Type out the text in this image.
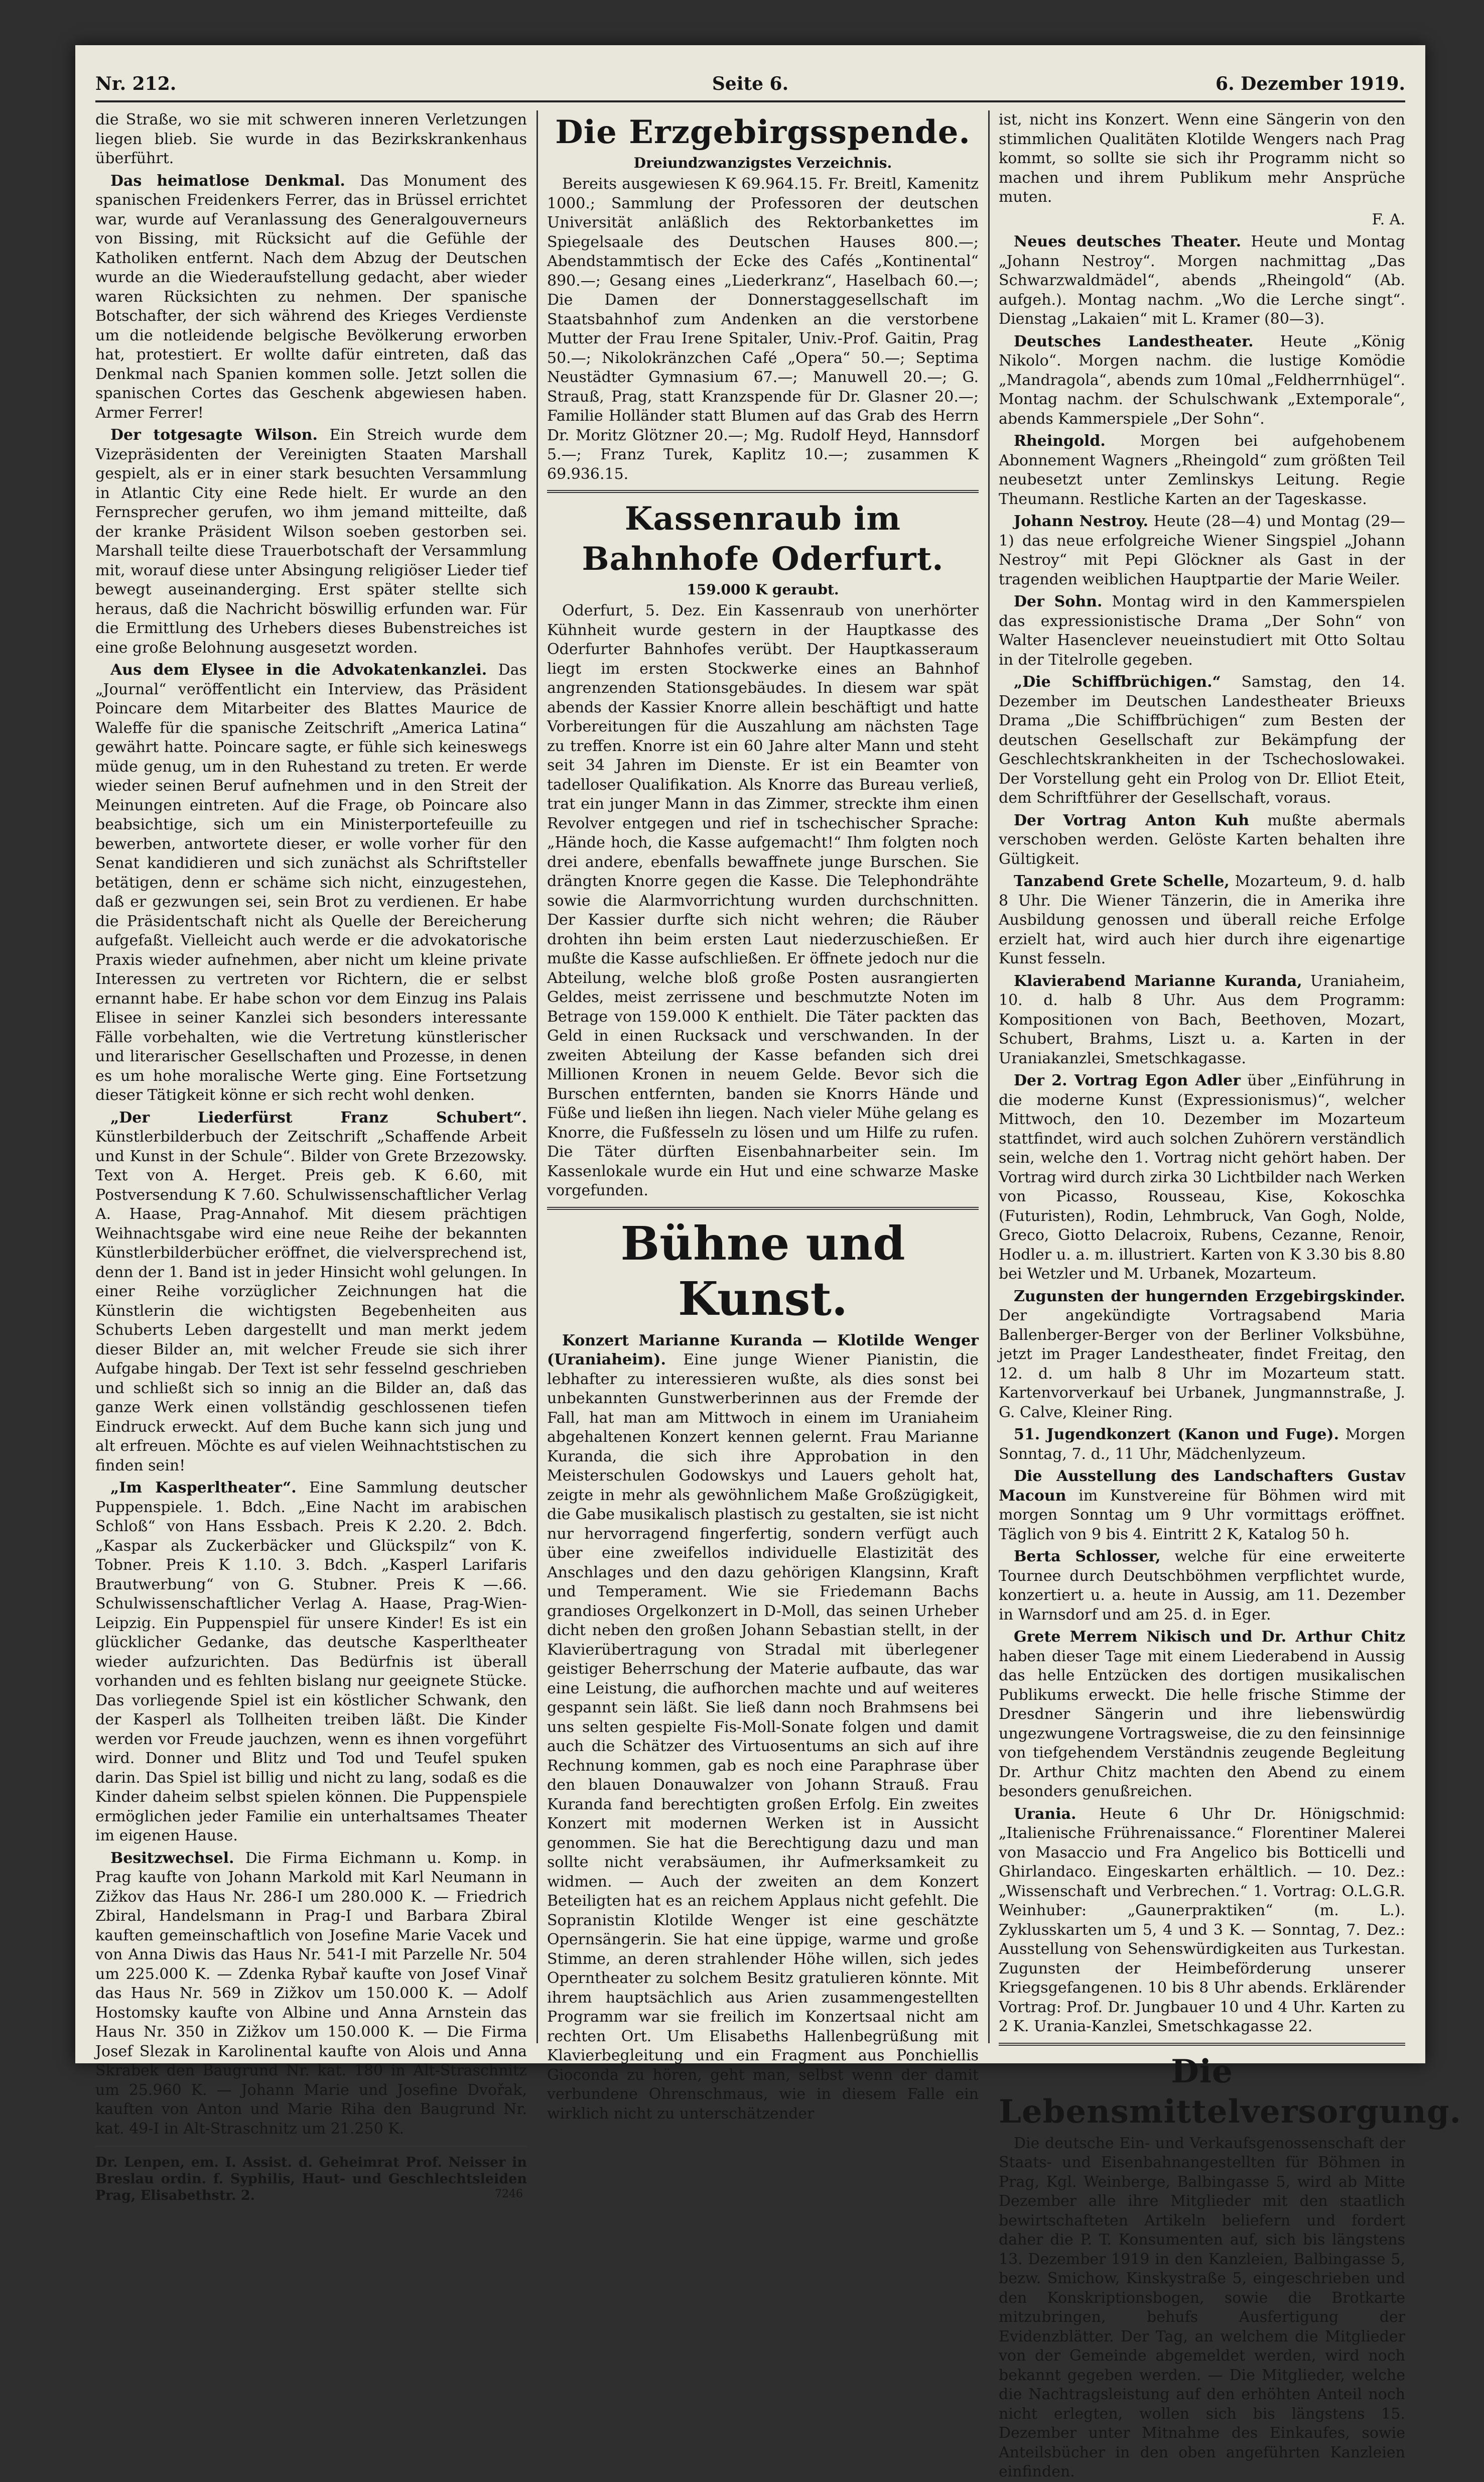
Nr. 212.	Seite 6.	6. Dezember 1919.

die Straße, wo sie mit schweren inneren Verletzungen liegen blieb. Sie wurde in das Bezirkskrankenhaus überführt.

Das heimatlose Denkmal. Das Monument des spanischen Freidenkers Ferrer, das in Brüssel errichtet war, wurde auf Veranlassung des Generalgouverneurs von Bissing, mit Rücksicht auf die Gefühle der Katholiken entfernt. Nach dem Abzug der Deutschen wurde an die Wiederaufstellung gedacht, aber wieder waren Rücksichten zu nehmen. Der spanische Botschafter, der sich während des Krieges Verdienste um die notleidende belgische Bevölkerung erworben hat, protestiert. Er wollte dafür eintreten, daß das Denkmal nach Spanien kommen solle. Jetzt sollen die spanischen Cortes das Geschenk abgewiesen haben. Armer Ferrer!

Der totgesagte Wilson. Ein Streich wurde dem Vizepräsidenten der Vereinigten Staaten Marshall gespielt, als er in einer stark besuchten Versammlung in Atlantic City eine Rede hielt. Er wurde an den Fernsprecher gerufen, wo ihm jemand mitteilte, daß der kranke Präsident Wilson soeben gestorben sei. Marshall teilte diese Trauerbotschaft der Versammlung mit, worauf diese unter Absingung religiöser Lieder tief bewegt auseinanderging. Erst später stellte sich heraus, daß die Nachricht böswillig erfunden war. Für die Ermittlung des Urhebers dieses Bubenstreiches ist eine große Belohnung ausgesetzt worden.

Aus dem Elysee in die Advokatenkanzlei. Das „Journal“ veröffentlicht ein Interview, das Präsident Poincare dem Mitarbeiter des Blattes Maurice de Waleffe für die spanische Zeitschrift „America Latina“ gewährt hatte. Poincare sagte, er fühle sich keineswegs müde genug, um in den Ruhestand zu treten. Er werde wieder seinen Beruf aufnehmen und in den Streit der Meinungen eintreten. Auf die Frage, ob Poincare also beabsichtige, sich um ein Ministerportefeuille zu bewerben, antwortete dieser, er wolle vorher für den Senat kandidieren und sich zunächst als Schriftsteller betätigen, denn er schäme sich nicht, einzugestehen, daß er gezwungen sei, sein Brot zu verdienen. Er habe die Präsidentschaft nicht als Quelle der Bereicherung aufgefaßt. Vielleicht auch werde er die advokatorische Praxis wieder aufnehmen, aber nicht um kleine private Interessen zu vertreten vor Richtern, die er selbst ernannt habe. Er habe schon vor dem Einzug ins Palais Elisee in seiner Kanzlei sich besonders interessante Fälle vorbehalten, wie die Vertretung künstlerischer und literarischer Gesellschaften und Prozesse, in denen es um hohe moralische Werte ging. Eine Fortsetzung dieser Tätigkeit könne er sich recht wohl denken.

„Der Liederfürst Franz Schubert“. Künstlerbilderbuch der Zeitschrift „Schaffende Arbeit und Kunst in der Schule“. Bilder von Grete Brzezowsky. Text von A. Herget. Preis geb. K 6.60, mit Postversendung K 7.60. Schulwissenschaftlicher Verlag A. Haase, Prag-Annahof. Mit diesem prächtigen Weihnachtsgabe wird eine neue Reihe der bekannten Künstlerbilderbücher eröffnet, die vielversprechend ist, denn der 1. Band ist in jeder Hinsicht wohl gelungen. In einer Reihe vorzüglicher Zeichnungen hat die Künstlerin die wichtigsten Begebenheiten aus Schuberts Leben dargestellt und man merkt jedem dieser Bilder an, mit welcher Freude sie sich ihrer Aufgabe hingab. Der Text ist sehr fesselnd geschrieben und schließt sich so innig an die Bilder an, daß das ganze Werk einen vollständig geschlossenen tiefen Eindruck erweckt. Auf dem Buche kann sich jung und alt erfreuen. Möchte es auf vielen Weihnachtstischen zu finden sein!

„Im Kasperltheater“. Eine Sammlung deutscher Puppenspiele. 1. Bdch. „Eine Nacht im arabischen Schloß“ von Hans Essbach. Preis K 2.20. 2. Bdch. „Kaspar als Zuckerbäcker und Glückspilz“ von K. Tobner. Preis K 1.10. 3. Bdch. „Kasperl Larifaris Brautwerbung“ von G. Stubner. Preis K —.66. Schulwissenschaftlicher Verlag A. Haase, Prag-Wien-Leipzig. Ein Puppenspiel für unsere Kinder! Es ist ein glücklicher Gedanke, das deutsche Kasperltheater wieder aufzurichten. Das Bedürfnis ist überall vorhanden und es fehlten bislang nur geeignete Stücke. Das vorliegende Spiel ist ein köstlicher Schwank, den der Kasperl als Tollheiten treiben läßt. Die Kinder werden vor Freude jauchzen, wenn es ihnen vorgeführt wird. Donner und Blitz und Tod und Teufel spuken darin. Das Spiel ist billig und nicht zu lang, sodaß es die Kinder daheim selbst spielen können. Die Puppenspiele ermöglichen jeder Familie ein unterhaltsames Theater im eigenen Hause.

Besitzwechsel. Die Firma Eichmann u. Komp. in Prag kaufte von Johann Markold mit Karl Neumann in Zižkov das Haus Nr. 286-I um 280.000 K. — Friedrich Zbiral, Handelsmann in Prag-I und Barbara Zbiral kauften gemeinschaftlich von Josefine Marie Vacek und von Anna Diwis das Haus Nr. 541-I mit Parzelle Nr. 504 um 225.000 K. — Zdenka Rybař kaufte von Josef Vinař das Haus Nr. 569 in Zižkov um 150.000 K. — Adolf Hostomsky kaufte von Albine und Anna Arnstein das Haus Nr. 350 in Zižkov um 150.000 K. — Die Firma Josef Slezak in Karolinental kaufte von Alois und Anna Skrabek den Baugrund Nr. kat. 180 in Alt-Straschnitz um 25.960 K. — Johann Marie und Josefine Dvořak, kauften von Anton und Marie Riha den Baugrund Nr. kat. 49-I in Alt-Straschnitz um 21.250 K.

Dr. Lenpen, em. I. Assist. d. Geheimrat Prof. Neisser in Breslau ordin. f. Syphilis, Haut- und Geschlechtsleiden Prag, Elisabethstr. 2.	7246
Die Erzgebirgsspende.
Dreiundzwanzigstes Verzeichnis.

Bereits ausgewiesen K 69.964.15. Fr. Breitl, Kamenitz 1000.; Sammlung der Professoren der deutschen Universität anläßlich des Rektorbankettes im Spiegelsaale des Deutschen Hauses 800.—; Abendstammtisch der Ecke des Cafés „Kontinental“ 890.—; Gesang eines „Liederkranz“, Haselbach 60.—; Die Damen der Donnerstaggesellschaft im Staatsbahnhof zum Andenken an die verstorbene Mutter der Frau Irene Spitaler, Univ.-Prof. Gaitin, Prag 50.—; Nikolokränzchen Café „Opera“ 50.—; Septima Neustädter Gymnasium 67.—; Manuwell 20.—; G. Strauß, Prag, statt Kranzspende für Dr. Glasner 20.—; Familie Holländer statt Blumen auf das Grab des Herrn Dr. Moritz Glötzner 20.—; Mg. Rudolf Heyd, Hannsdorf 5.—; Franz Turek, Kaplitz 10.—; zusammen K 69.936.15.

Kassenraub im Bahnhofe Oderfurt.
159.000 K geraubt.

Oderfurt, 5. Dez. Ein Kassenraub von unerhörter Kühnheit wurde gestern in der Hauptkasse des Oderfurter Bahnhofes verübt. Der Hauptkasseraum liegt im ersten Stockwerke eines an Bahnhof angrenzenden Stationsgebäudes. In diesem war spät abends der Kassier Knorre allein beschäftigt und hatte Vorbereitungen für die Auszahlung am nächsten Tage zu treffen. Knorre ist ein 60 Jahre alter Mann und steht seit 34 Jahren im Dienste. Er ist ein Beamter von tadelloser Qualifikation. Als Knorre das Bureau verließ, trat ein junger Mann in das Zimmer, streckte ihm einen Revolver entgegen und rief in tschechischer Sprache: „Hände hoch, die Kasse aufgemacht!“ Ihm folgten noch drei andere, ebenfalls bewaffnete junge Burschen. Sie drängten Knorre gegen die Kasse. Die Telephondrähte sowie die Alarmvorrichtung wurden durchschnitten. Der Kassier durfte sich nicht wehren; die Räuber drohten ihn beim ersten Laut niederzuschießen. Er mußte die Kasse aufschließen. Er öffnete jedoch nur die Abteilung, welche bloß große Posten ausrangierten Geldes, meist zerrissene und beschmutzte Noten im Betrage von 159.000 K enthielt. Die Täter packten das Geld in einen Rucksack und verschwanden. In der zweiten Abteilung der Kasse befanden sich drei Millionen Kronen in neuem Gelde. Bevor sich die Burschen entfernten, banden sie Knorrs Hände und Füße und ließen ihn liegen. Nach vieler Mühe gelang es Knorre, die Fußfesseln zu lösen und um Hilfe zu rufen. Die Täter dürften Eisenbahnarbeiter sein. Im Kassenlokale wurde ein Hut und eine schwarze Maske vorgefunden.

Bühne und Kunst.

Konzert Marianne Kuranda — Klotilde Wenger (Uraniaheim). Eine junge Wiener Pianistin, die lebhafter zu interessieren wußte, als dies sonst bei unbekannten Gunstwerberinnen aus der Fremde der Fall, hat man am Mittwoch in einem im Uraniaheim abgehaltenen Konzert kennen gelernt. Frau Marianne Kuranda, die sich ihre Approbation in den Meisterschulen Godowskys und Lauers geholt hat, zeigte in mehr als gewöhnlichem Maße Großzügigkeit, die Gabe musikalisch plastisch zu gestalten, sie ist nicht nur hervorragend fingerfertig, sondern verfügt auch über eine zweifellos individuelle Elastizität des Anschlages und den dazu gehörigen Klangsinn, Kraft und Temperament. Wie sie Friedemann Bachs grandioses Orgelkonzert in D-Moll, das seinen Urheber dicht neben den großen Johann Sebastian stellt, in der Klavierübertragung von Stradal mit überlegener geistiger Beherrschung der Materie aufbaute, das war eine Leistung, die aufhorchen machte und auf weiteres gespannt sein läßt. Sie ließ dann noch Brahmsens bei uns selten gespielte Fis-Moll-Sonate folgen und damit auch die Schätzer des Virtuosentums an sich auf ihre Rechnung kommen, gab es noch eine Paraphrase über den blauen Donauwalzer von Johann Strauß. Frau Kuranda fand berechtigten großen Erfolg. Ein zweites Konzert mit modernen Werken ist in Aussicht genommen. Sie hat die Berechtigung dazu und man sollte nicht verabsäumen, ihr Aufmerksamkeit zu widmen. — Auch der zweiten an dem Konzert Beteiligten hat es an reichem Applaus nicht gefehlt. Die Sopranistin Klotilde Wenger ist eine geschätzte Opernsängerin. Sie hat eine üppige, warme und große Stimme, an deren strahlender Höhe willen, sich jedes Operntheater zu solchem Besitz gratulieren könnte. Mit ihrem hauptsächlich aus Arien zusammengestellten Programm war sie freilich im Konzertsaal nicht am rechten Ort. Um Elisabeths Hallenbegrüßung mit Klavierbegleitung und ein Fragment aus Ponchiellis Gioconda zu hören, geht man, selbst wenn der damit verbundene Ohrenschmaus, wie in diesem Falle ein wirklich nicht zu unterschätzender

ist, nicht ins Konzert. Wenn eine Sängerin von den stimmlichen Qualitäten Klotilde Wengers nach Prag kommt, so sollte sie sich ihr Programm nicht so machen und ihrem Publikum mehr Ansprüche muten.

F. A.

Neues deutsches Theater. Heute und Montag „Johann Nestroy“. Morgen nachmittag „Das Schwarzwaldmädel“, abends „Rheingold“ (Ab. aufgeh.). Montag nachm. „Wo die Lerche singt“. Dienstag „Lakaien“ mit L. Kramer (80—3).

Deutsches Landestheater. Heute „König Nikolo“. Morgen nachm. die lustige Komödie „Mandragola“, abends zum 10mal „Feldherrnhügel“. Montag nachm. der Schulschwank „Extemporale“, abends Kammerspiele „Der Sohn“.

Rheingold. Morgen bei aufgehobenem Abonnement Wagners „Rheingold“ zum größten Teil neubesetzt unter Zemlinskys Leitung. Regie Theumann. Restliche Karten an der Tageskasse.

Johann Nestroy. Heute (28—4) und Montag (29—1) das neue erfolgreiche Wiener Singspiel „Johann Nestroy“ mit Pepi Glöckner als Gast in der tragenden weiblichen Hauptpartie der Marie Weiler.

Der Sohn. Montag wird in den Kammerspielen das expressionistische Drama „Der Sohn“ von Walter Hasenclever neueinstudiert mit Otto Soltau in der Titelrolle gegeben.

„Die Schiffbrüchigen.“ Samstag, den 14. Dezember im Deutschen Landestheater Brieuxs Drama „Die Schiffbrüchigen“ zum Besten der deutschen Gesellschaft zur Bekämpfung der Geschlechtskrankheiten in der Tschechoslowakei. Der Vorstellung geht ein Prolog von Dr. Elliot Eteit, dem Schriftführer der Gesellschaft, voraus.

Der Vortrag Anton Kuh mußte abermals verschoben werden. Gelöste Karten behalten ihre Gültigkeit.

Tanzabend Grete Schelle, Mozarteum, 9. d. halb 8 Uhr. Die Wiener Tänzerin, die in Amerika ihre Ausbildung genossen und überall reiche Erfolge erzielt hat, wird auch hier durch ihre eigenartige Kunst fesseln.

Klavierabend Marianne Kuranda, Uraniaheim, 10. d. halb 8 Uhr. Aus dem Programm: Kompositionen von Bach, Beethoven, Mozart, Schubert, Brahms, Liszt u. a. Karten in der Uraniakanzlei, Smetschkagasse.

Der 2. Vortrag Egon Adler über „Einführung in die moderne Kunst (Expressionismus)“, welcher Mittwoch, den 10. Dezember im Mozarteum stattfindet, wird auch solchen Zuhörern verständlich sein, welche den 1. Vortrag nicht gehört haben. Der Vortrag wird durch zirka 30 Lichtbilder nach Werken von Picasso, Rousseau, Kise, Kokoschka (Futuristen), Rodin, Lehmbruck, Van Gogh, Nolde, Greco, Giotto Delacroix, Rubens, Cezanne, Renoir, Hodler u. a. m. illustriert. Karten von K 3.30 bis 8.80 bei Wetzler und M. Urbanek, Mozarteum.

Zugunsten der hungernden Erzgebirgskinder. Der angekündigte Vortragsabend Maria Ballenberger-Berger von der Berliner Volksbühne, jetzt im Prager Landestheater, findet Freitag, den 12. d. um halb 8 Uhr im Mozarteum statt. Kartenvorverkauf bei Urbanek, Jungmannstraße, J. G. Calve, Kleiner Ring.

51. Jugendkonzert (Kanon und Fuge). Morgen Sonntag, 7. d., 11 Uhr, Mädchenlyzeum.

Die Ausstellung des Landschafters Gustav Macoun im Kunstvereine für Böhmen wird mit morgen Sonntag um 9 Uhr vormittags eröffnet. Täglich von 9 bis 4. Eintritt 2 K, Katalog 50 h.

Berta Schlosser, welche für eine erweiterte Tournee durch Deutschböhmen verpflichtet wurde, konzertiert u. a. heute in Aussig, am 11. Dezember in Warnsdorf und am 25. d. in Eger.

Grete Merrem Nikisch und Dr. Arthur Chitz haben dieser Tage mit einem Liederabend in Aussig das helle Entzücken des dortigen musikalischen Publikums erweckt. Die helle frische Stimme der Dresdner Sängerin und ihre liebenswürdig ungezwungene Vortragsweise, die zu den feinsinnige von tiefgehendem Verständnis zeugende Begleitung Dr. Arthur Chitz machten den Abend zu einem besonders genußreichen.

Urania. Heute 6 Uhr Dr. Hönigschmid: „Italienische Frührenaissance.“ Florentiner Malerei von Masaccio und Fra Angelico bis Botticelli und Ghirlandaco. Eingeskarten erhältlich. — 10. Dez.: „Wissenschaft und Verbrechen.“ 1. Vortrag: O.L.G.R. Weinhuber: „Gaunerpraktiken“ (m. L.). Zyklusskarten um 5, 4 und 3 K. — Sonntag, 7. Dez.: Ausstellung von Sehenswürdigkeiten aus Turkestan. Zugunsten der Heimbeförderung unserer Kriegsgefangenen. 10 bis 8 Uhr abends. Erklärender Vortrag: Prof. Dr. Jungbauer 10 und 4 Uhr. Karten zu 2 K. Urania-Kanzlei, Smetschkagasse 22.

Die Lebensmittelversorgung.

Die deutsche Ein- und Verkaufsgenossenschaft der Staats- und Eisenbahnangestellten für Böhmen in Prag, Kgl. Weinberge, Balbingasse 5, wird ab Mitte Dezember alle ihre Mitglieder mit den staatlich bewirtschafteten Artikeln beliefern und fordert daher die P. T. Konsumenten auf, sich bis längstens 13. Dezember 1919 in den Kanzleien, Balbingasse 5, bezw. Smichow, Kinskystraße 5, eingeschrieben und den Konskriptionsbogen, sowie die Brotkarte mitzubringen, behufs Ausfertigung der Evidenzblätter. Der Tag, an welchem die Mitglieder von der Gemeinde abgemeldet werden, wird noch bekannt gegeben werden. — Die Mitglieder, welche die Nachtragsleistung auf den erhöhten Anteil noch nicht erlegten, wollen sich bis längstens 15. Dezember unter Mitnahme des Einkaufes, sowie Anteilsbücher in den oben angeführten Kanzleien einfinden.
